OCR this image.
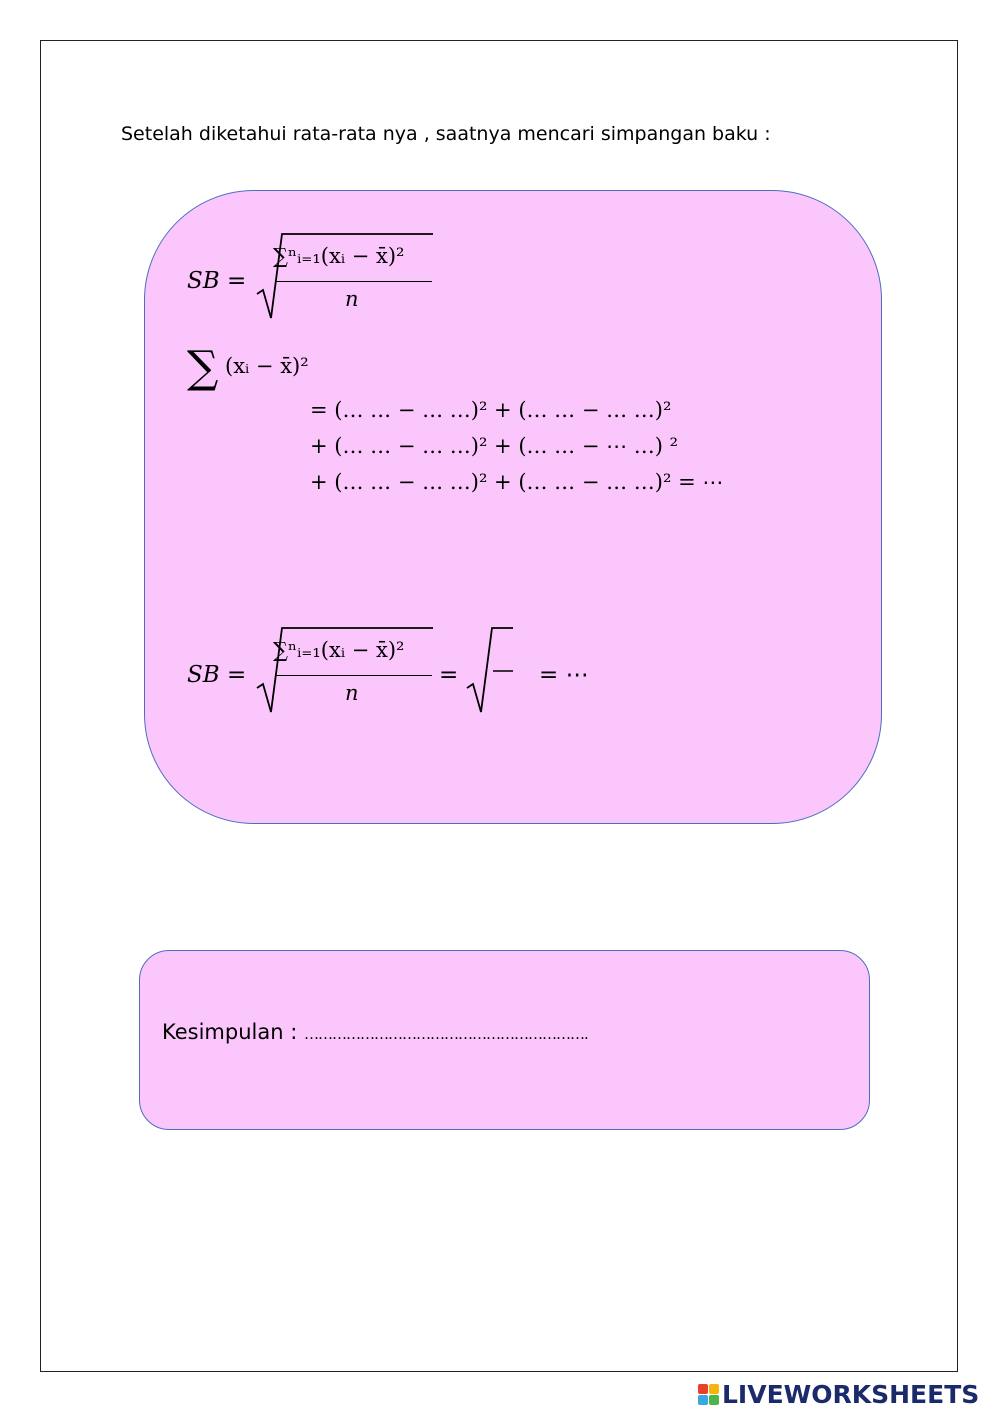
Setelah diketahui rata-rata nya , saatnya mencari simpangan baku :
SB =
∑ⁿᵢ₌₁(xᵢ − x̄)²
n
∑ (xᵢ − x̄)²
= (… … − … …)² + (… … − … …)²
+ (… … − … …)² + (… … − ⋯ …) ²
+ (… … − … …)² + (… … − … …)² = ⋯
SB =
∑ⁿᵢ₌₁(xᵢ − x̄)²
n
=	= ⋯
Kesimpulan : …………………………………………………….
LIVEWORKSHEETS
